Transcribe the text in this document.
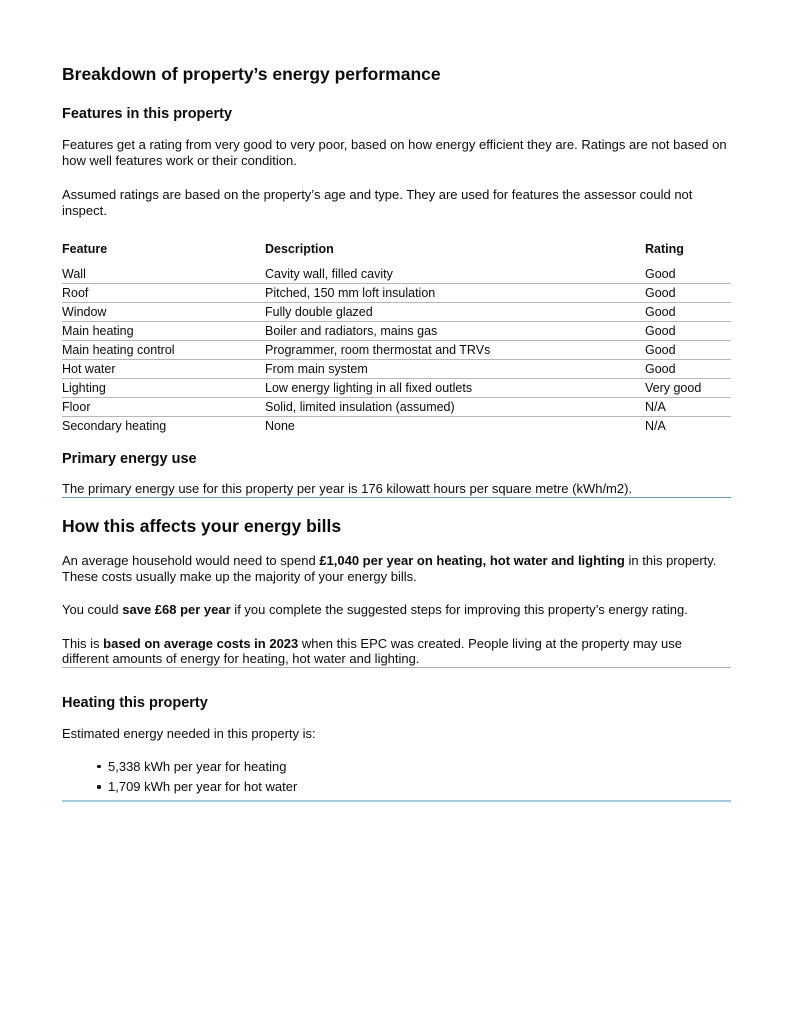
Breakdown of property’s energy performance
Features in this property

Features get a rating from very good to very poor, based on how energy efficient they are. Ratings are not based on how well features work or their condition.

Assumed ratings are based on the property’s age and type. They are used for features the assessor could not inspect.

Feature	Description	Rating
Wall	Cavity wall, filled cavity	Good
Roof	Pitched, 150 mm loft insulation	Good
Window	Fully double glazed	Good
Main heating	Boiler and radiators, mains gas	Good
Main heating control	Programmer, room thermostat and TRVs	Good
Hot water	From main system	Good
Lighting	Low energy lighting in all fixed outlets	Very good
Floor	Solid, limited insulation (assumed)	N/A
Secondary heating	None	N/A
Primary energy use

The primary energy use for this property per year is 176 kilowatt hours per square metre (kWh/m2).

How this affects your energy bills

An average household would need to spend £1,040 per year on heating, hot water and lighting in this property. These costs usually make up the majority of your energy bills.

You could save £68 per year if you complete the suggested steps for improving this property’s energy rating.

This is based on average costs in 2023 when this EPC was created. People living at the property may use different amounts of energy for heating, hot water and lighting.

Heating this property

Estimated energy needed in this property is:

5,338 kWh per year for heating
1,709 kWh per year for hot water
